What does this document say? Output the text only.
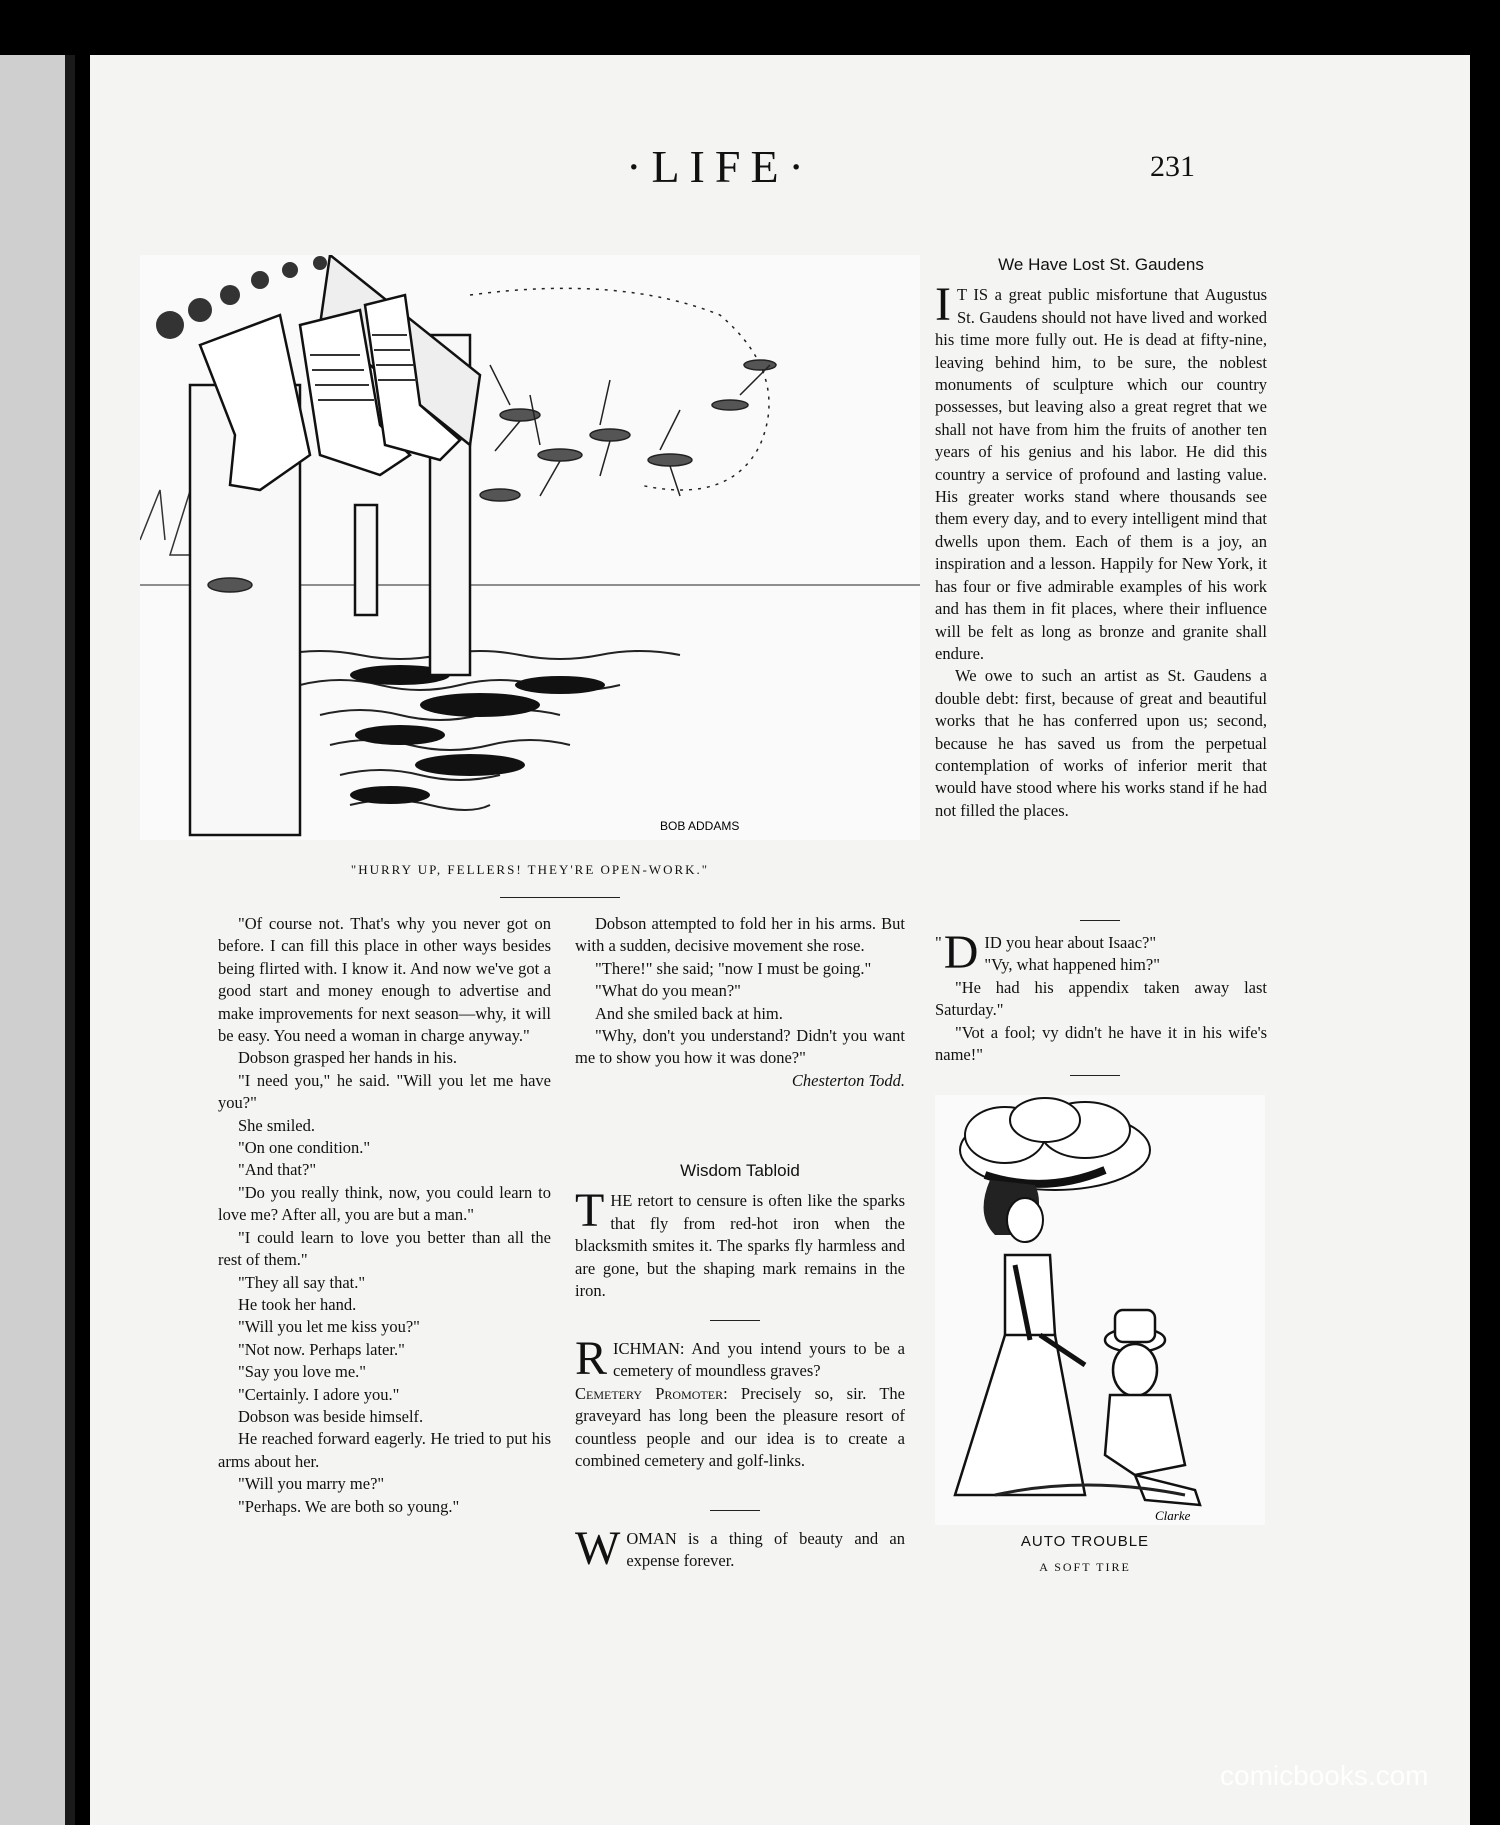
·LIFE·	231
BOB ADDAMS
"HURRY UP, FELLERS! THEY'RE OPEN-WORK."
We Have Lost St. Gaudens

I T IS a great public misfortune that Augustus St. Gaudens should not have lived and worked his time more fully out. He is dead at fifty-nine, leaving behind him, to be sure, the noblest monuments of sculpture which our country possesses, but leaving also a great regret that we shall not have from him the fruits of another ten years of his genius and his labor. He did this country a service of profound and lasting value. His greater works stand where thousands see them every day, and to every intelligent mind that dwells upon them. Each of them is a joy, an inspiration and a lesson. Happily for New York, it has four or five admirable examples of his work and has them in fit places, where their influence will be felt as long as bronze and granite shall endure.

We owe to such an artist as St. Gaudens a double debt: first, because of great and beautiful works that he has conferred upon us; second, because he has saved us from the perpetual contemplation of works of inferior merit that would have stood where his works stand if he had not filled the places.

" D ID you hear about Isaac?"
"Vy, what happened him?"

"He had his appendix taken away last Saturday."

"Vot a fool; vy didn't he have it in his wife's name!"

Clarke
AUTO TROUBLE
A SOFT TIRE

"Of course not. That's why you never got on before. I can fill this place in other ways besides being flirted with. I know it. And now we've got a good start and money enough to advertise and make improvements for next season—why, it will be easy. You need a woman in charge anyway."

Dobson grasped her hands in his.

"I need you," he said. "Will you let me have you?"

She smiled.

"On one condition."

"And that?"

"Do you really think, now, you could learn to love me? After all, you are but a man."

"I could learn to love you better than all the rest of them."

"They all say that."

He took her hand.

"Will you let me kiss you?"

"Not now. Perhaps later."

"Say you love me."

"Certainly. I adore you."

Dobson was beside himself.

He reached forward eagerly. He tried to put his arms about her.

"Will you marry me?"

"Perhaps. We are both so young."

Dobson attempted to fold her in his arms. But with a sudden, decisive movement she rose.

"There!" she said; "now I must be going."

"What do you mean?"

And she smiled back at him.

"Why, don't you understand? Didn't you want me to show you how it was done?"

Chesterton Todd.
Wisdom Tabloid

THE retort to censure is often like the sparks that fly from red-hot iron when the blacksmith smites it. The sparks fly harmless and are gone, but the shaping mark remains in the iron.

RICHMAN: And you intend yours to be a cemetery of moundless graves?
Cemetery Promoter: Precisely so, sir. The graveyard has long been the pleasure resort of countless people and our idea is to create a combined cemetery and golf-links.

WOMAN is a thing of beauty and an expense forever.

comicbooks.com
